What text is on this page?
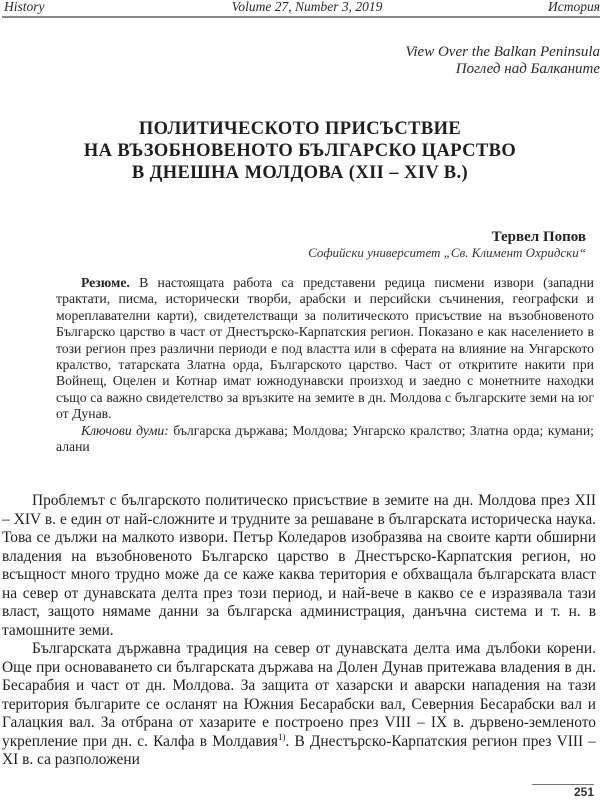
History	Volume 27, Number 3, 2019	История
View Over the Balkan Peninsula
Поглед над Балканите
ПОЛИТИЧЕСКОТО ПРИСЪСТВИЕ
НА ВЪЗОБНОВЕНОТО БЪЛГАРСКО ЦАРСТВО
В ДНЕШНА МОЛДОВА (XII – XIV В.)
Тервел Попов
Софийски университет „Св. Климент Охридски“

Резюме. В настоящата работа са представени редица писмени извори (западни трактати, писма, исторически творби, арабски и персийски съчинения, географски и мореплавателни карти), свидетелстващи за политическото присъствие на възобновеното Българско царство в част от Днестърско-Карпатския регион. Показано е как населението в този регион през различни периоди е под властта или в сферата на влияние на Унгарското кралство, татарската Златна орда, Българското царство. Част от откритите накити при Войнещ, Оцелен и Котнар имат южнодунавски произход и заедно с монетните находки също са важно свидетелство за връзките на земите в дн. Молдова с българските земи на юг от Дунав.

Ключови думи: българска държава; Молдова; Унгарско кралство; Златна орда; кумани; алани

Проблемът с българското политическо присъствие в земите на дн. Молдова през XII – XIV в. е един от най-сложните и трудните за решаване в българската историческа наука. Това се дължи на малкото извори. Петър Коледаров изобразява на своите карти обширни владения на възобновеното Българско царство в Днестърско-Карпатския регион, но всъщност много трудно може да се каже каква територия е обхващала българската власт на север от дунавската делта през този период, и най-вече в какво се е изразявала тази власт, защото нямаме данни за българска администрация, данъчна система и т. н. в тамошните земи.

Българската държавна традиция на север от дунавската делта има дълбоки корени. Още при основаването си българската държава на Долен Дунав притежава владения в дн. Бесарабия и част от дн. Молдова. За защита от хазарски и аварски нападения на тази територия българите се осланят на Южния Бесарабски вал, Северния Бесарабски вал и Галацкия вал. За отбрана от хазарите е построено през VIII – IX в. дървено-земленото укрепление при дн. с. Калфа в Молдавия$^{1)}$. В Днестърско-Карпатския регион през VIII – XI в. са разположени

251
